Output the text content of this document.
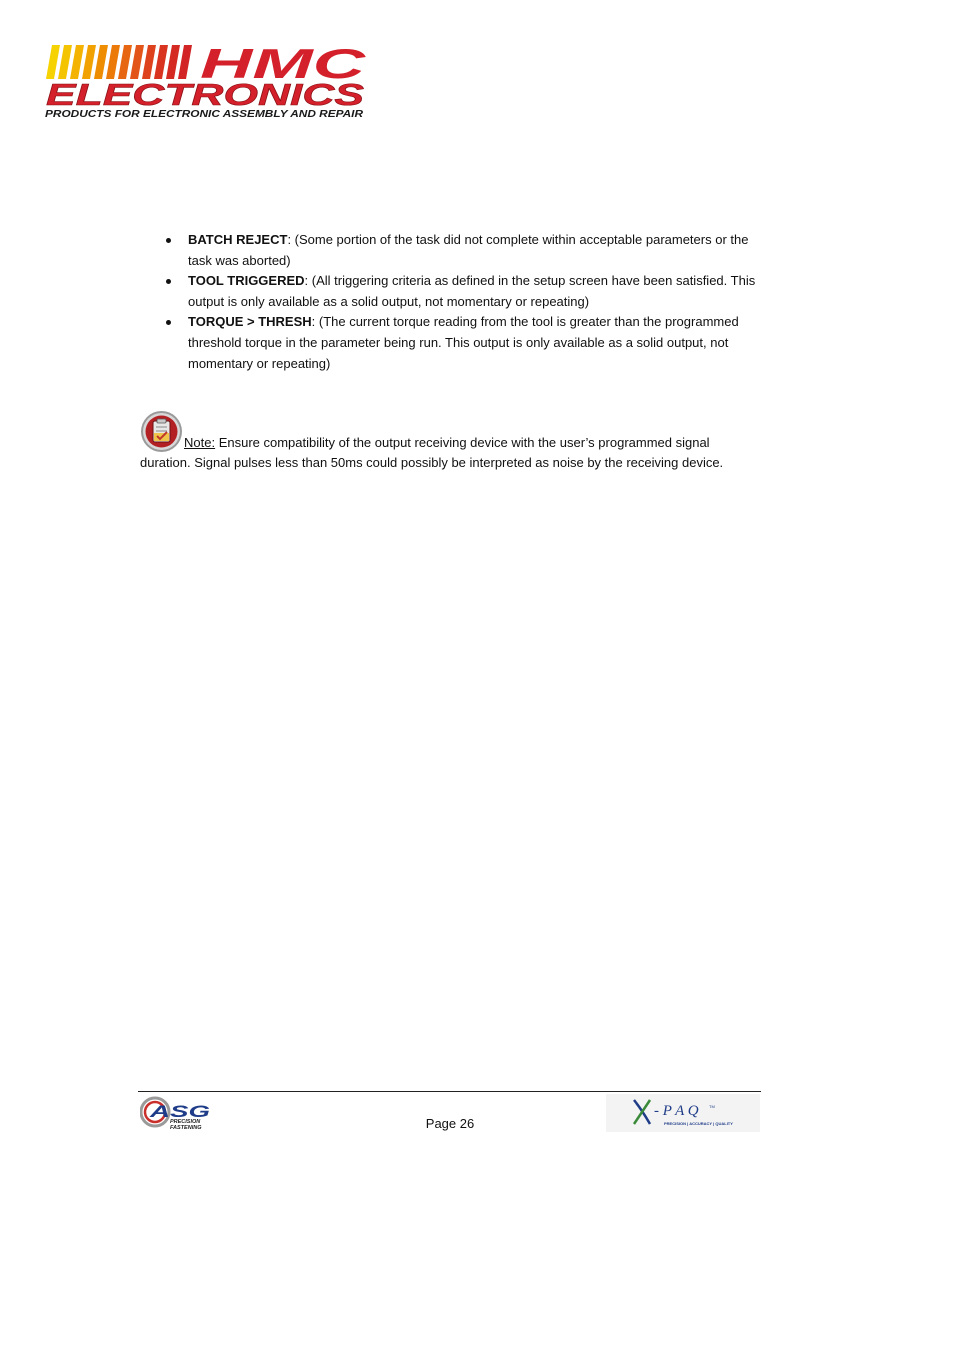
HMC
ELECTRONICS
PRODUCTS FOR ELECTRONIC ASSEMBLY AND REPAIR
BATCH REJECT: (Some portion of the task did not complete within acceptable parameters or the task was aborted)
TOOL TRIGGERED: (All triggering criteria as defined in the setup screen have been satisfied. This output is only available as a solid output, not momentary or repeating)
TORQUE > THRESH: (The current torque reading from the tool is greater than the programmed threshold torque in the parameter being run. This output is only available as a solid output, not momentary or repeating)
Note: Ensure compatibility of the output receiving device with the user’s programmed signal duration. Signal pulses less than 50ms could possibly be interpreted as noise by the receiving device.
ASG
PRECISION
FASTENING	Page 26
- P A Q	TM
PRECISION | ACCURACY | QUALITY
